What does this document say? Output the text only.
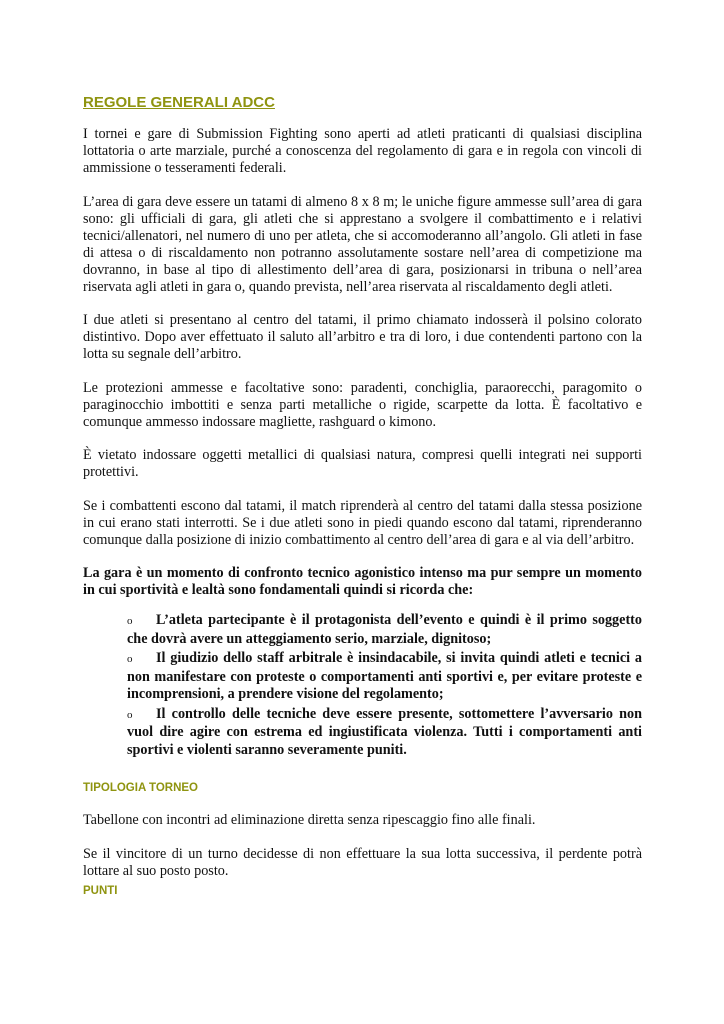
REGOLE GENERALI ADCC

I tornei e gare di Submission Fighting sono aperti ad atleti praticanti di qualsiasi disciplina lottatoria o arte marziale, purché a conoscenza del regolamento di gara e in regola con vincoli di ammissione o tesseramenti federali.

L’area di gara deve essere un tatami di almeno 8 x 8 m; le uniche figure ammesse sull’area di gara sono: gli ufficiali di gara, gli atleti che si apprestano a svolgere il combattimento e i relativi tecnici/allenatori, nel numero di uno per atleta, che si accomoderanno all’angolo. Gli atleti in fase di attesa o di riscaldamento non potranno assolutamente sostare nell’area di competizione ma dovranno, in base al tipo di allestimento dell’area di gara, posizionarsi in tribuna o nell’area riservata agli atleti in gara o, quando prevista, nell’area riservata al riscaldamento degli atleti.

I due atleti si presentano al centro del tatami, il primo chiamato indosserà il polsino colorato distintivo. Dopo aver effettuato il saluto all’arbitro e tra di loro, i due contendenti partono con la lotta su segnale dell’arbitro.

Le protezioni ammesse e facoltative sono: paradenti, conchiglia, paraorecchi, paragomito o paraginocchio imbottiti e senza parti metalliche o rigide, scarpette da lotta. È facoltativo e comunque ammesso indossare magliette, rashguard o kimono.

È vietato indossare oggetti metallici di qualsiasi natura, compresi quelli integrati nei supporti protettivi.

Se i combattenti escono dal tatami, il match riprenderà al centro del tatami dalla stessa posizione in cui erano stati interrotti. Se i due atleti sono in piedi quando escono dal tatami, riprenderanno comunque dalla posizione di inizio combattimento al centro dell’area di gara e al via dell’arbitro.

La gara è un momento di confronto tecnico agonistico intenso ma pur sempre un momento in cui sportività e lealtà sono fondamentali quindi si ricorda che:

o L’atleta partecipante è il protagonista dell’evento e quindi è il primo soggetto che dovrà avere un atteggiamento serio, marziale, dignitoso;
o Il giudizio dello staff arbitrale è insindacabile, si invita quindi atleti e tecnici a non manifestare con proteste o comportamenti anti sportivi e, per evitare proteste e incomprensioni, a prendere visione del regolamento;
o Il controllo delle tecniche deve essere presente, sottomettere l’avversario non vuol dire agire con estrema ed ingiustificata violenza. Tutti i comportamenti anti sportivi e violenti saranno severamente puniti.
TIPOLOGIA TORNEO

Tabellone con incontri ad eliminazione diretta senza ripescaggio fino alle finali.

Se il vincitore di un turno decidesse di non effettuare la sua lotta successiva, il perdente potrà lottare al suo posto posto.

PUNTI
